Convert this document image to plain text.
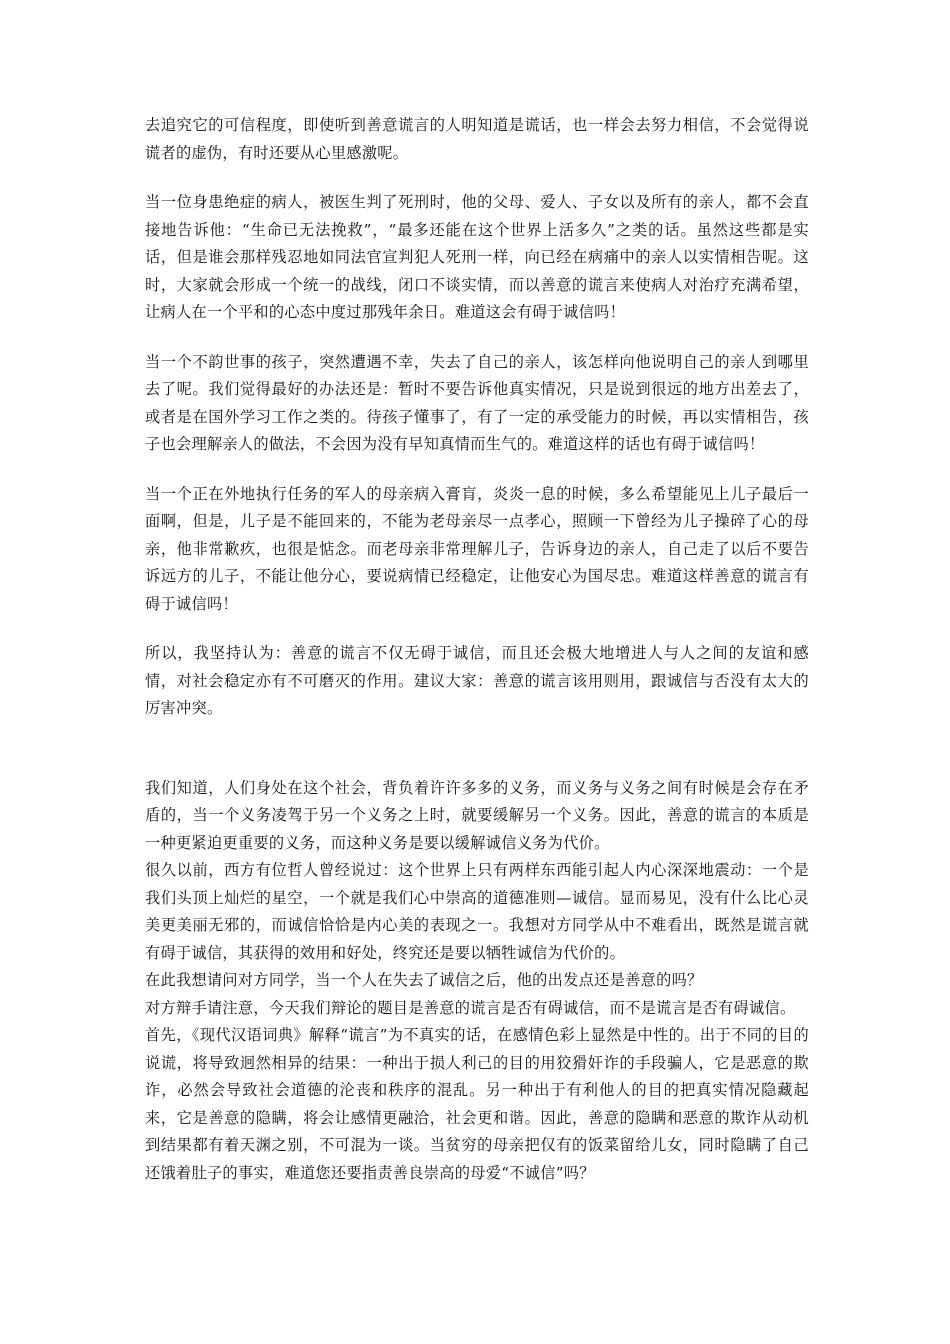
去追究它的可信程度，即使听到善意谎言的人明知道是谎话，也一样会去努力相信，不会觉得说谎者的虚伪，有时还要从心里感激呢。

当一位身患绝症的病人，被医生判了死刑时，他的父母、爱人、子女以及所有的亲人，都不会直接地告诉他：“生命已无法挽救”，“最多还能在这个世界上活多久”之类的话。虽然这些都是实话，但是谁会那样残忍地如同法官宣判犯人死刑一样，向已经在病痛中的亲人以实情相告呢。这时，大家就会形成一个统一的战线，闭口不谈实情，而以善意的谎言来使病人对治疗充满希望，让病人在一个平和的心态中度过那残年余日。难道这会有碍于诚信吗！

当一个不韵世事的孩子，突然遭遇不幸，失去了自己的亲人，该怎样向他说明自己的亲人到哪里去了呢。我们觉得最好的办法还是：暂时不要告诉他真实情况，只是说到很远的地方出差去了，或者是在国外学习工作之类的。待孩子懂事了，有了一定的承受能力的时候，再以实情相告，孩子也会理解亲人的做法，不会因为没有早知真情而生气的。难道这样的话也有碍于诚信吗！

当一个正在外地执行任务的军人的母亲病入膏肓，炎炎一息的时候，多么希望能见上儿子最后一面啊，但是，儿子是不能回来的，不能为老母亲尽一点孝心，照顾一下曾经为儿子操碎了心的母亲，他非常歉疚，也很是惦念。而老母亲非常理解儿子，告诉身边的亲人，自己走了以后不要告诉远方的儿子，不能让他分心，要说病情已经稳定，让他安心为国尽忠。难道这样善意的谎言有碍于诚信吗！

所以，我坚持认为：善意的谎言不仅无碍于诚信，而且还会极大地增进人与人之间的友谊和感情，对社会稳定亦有不可磨灭的作用。建议大家：善意的谎言该用则用，跟诚信与否没有太大的厉害冲突。

我们知道，人们身处在这个社会，背负着许许多多的义务，而义务与义务之间有时候是会存在矛盾的，当一个义务凌驾于另一个义务之上时，就要缓解另一个义务。因此，善意的谎言的本质是一种更紧迫更重要的义务，而这种义务是要以缓解诚信义务为代价。

很久以前，西方有位哲人曾经说过：这个世界上只有两样东西能引起人内心深深地震动：一个是我们头顶上灿烂的星空，一个就是我们心中崇高的道德准则—诚信。显而易见，没有什么比心灵美更美丽无邪的，而诚信恰恰是内心美的表现之一。我想对方同学从中不难看出，既然是谎言就有碍于诚信，其获得的效用和好处，终究还是要以牺牲诚信为代价的。

在此我想请问对方同学，当一个人在失去了诚信之后，他的出发点还是善意的吗？

对方辩手请注意，今天我们辩论的题目是善意的谎言是否有碍诚信，而不是谎言是否有碍诚信。

首先，《现代汉语词典》解释“谎言”为不真实的话，在感情色彩上显然是中性的。出于不同的目的说谎，将导致迥然相异的结果：一种出于损人利己的目的用狡猾奸诈的手段骗人，它是恶意的欺诈，必然会导致社会道德的沦丧和秩序的混乱。另一种出于有利他人的目的把真实情况隐藏起来，它是善意的隐瞒，将会让感情更融洽，社会更和谐。因此，善意的隐瞒和恶意的欺诈从动机到结果都有着天渊之别，不可混为一谈。当贫穷的母亲把仅有的饭菜留给儿女，同时隐瞒了自己还饿着肚子的事实，难道您还要指责善良崇高的母爱“不诚信”吗？
